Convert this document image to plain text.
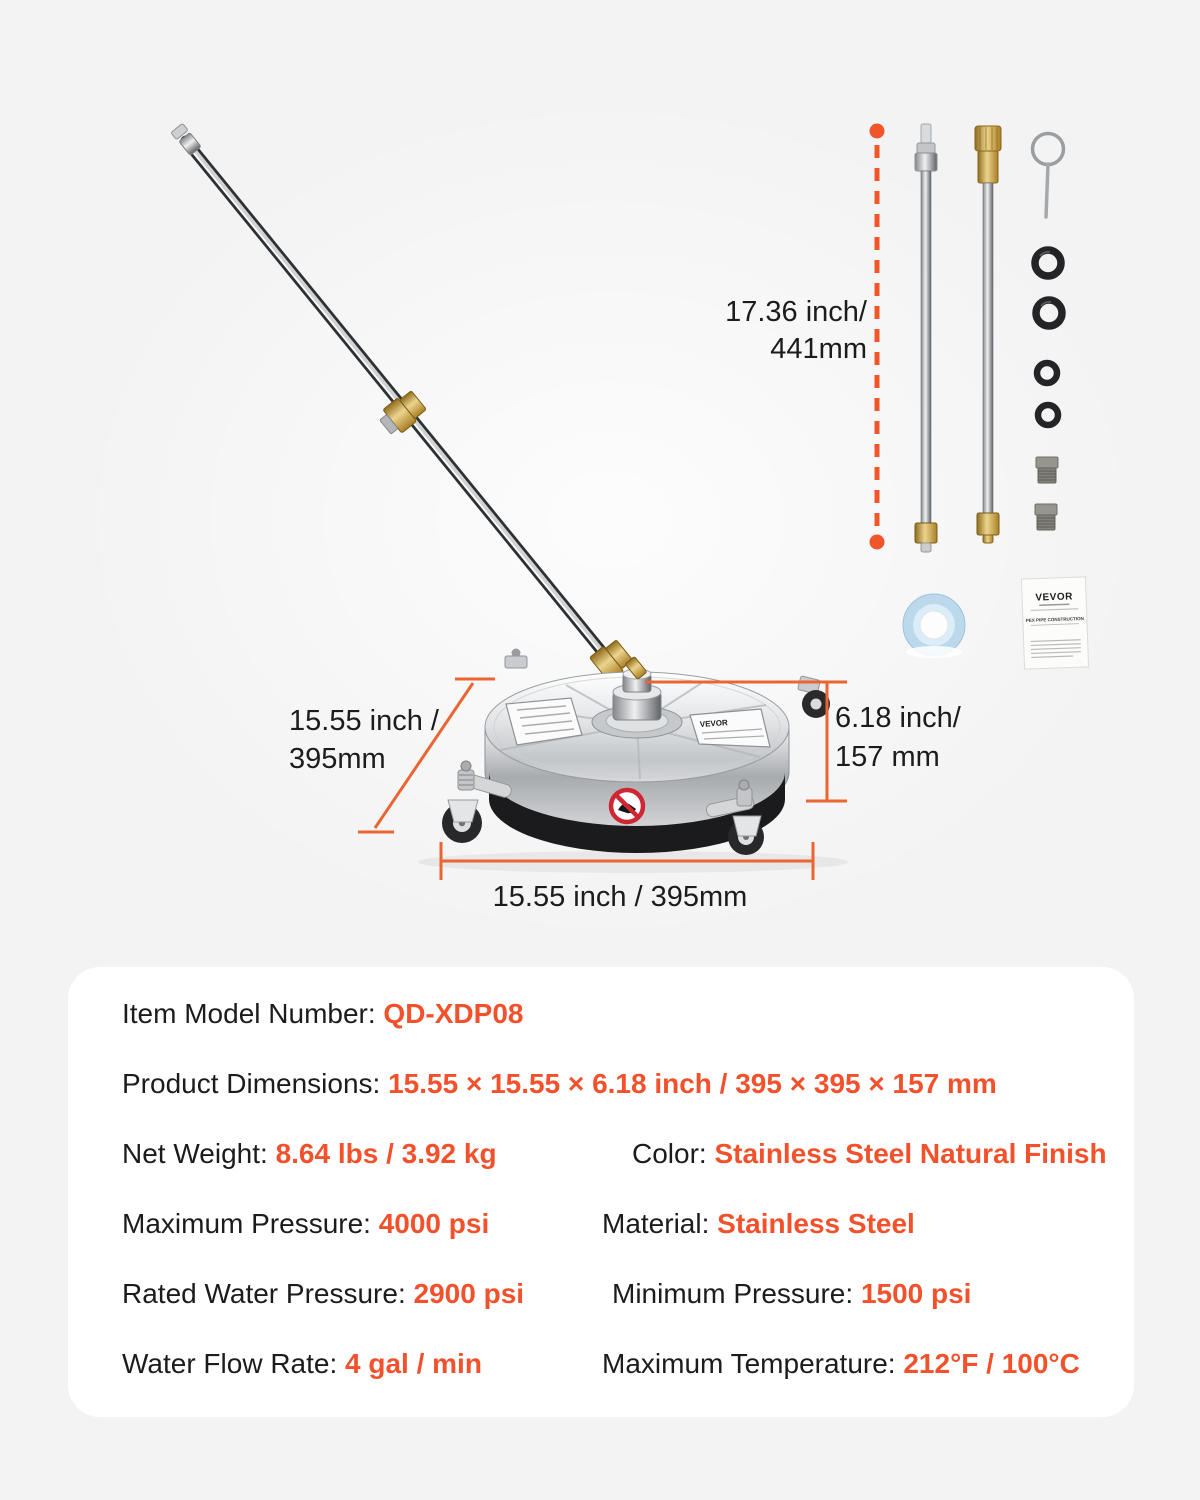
VEVOR
VEVOR
PEX PIPE CONSTRUCTION
17.36 inch/
441mm
15.55 inch /
395mm
6.18 inch/
157 mm
15.55 inch / 395mm
Item Model Number: QD-XDP08
Product Dimensions: 15.55 × 15.55 × 6.18 inch / 395 × 395 × 157 mm
Net Weight: 8.64 lbs / 3.92 kg	Color: Stainless Steel Natural Finish
Maximum Pressure: 4000 psi	Material: Stainless Steel
Rated Water Pressure: 2900 psi	Minimum Pressure: 1500 psi
Water Flow Rate: 4 gal / min	Maximum Temperature: 212°F / 100°C
